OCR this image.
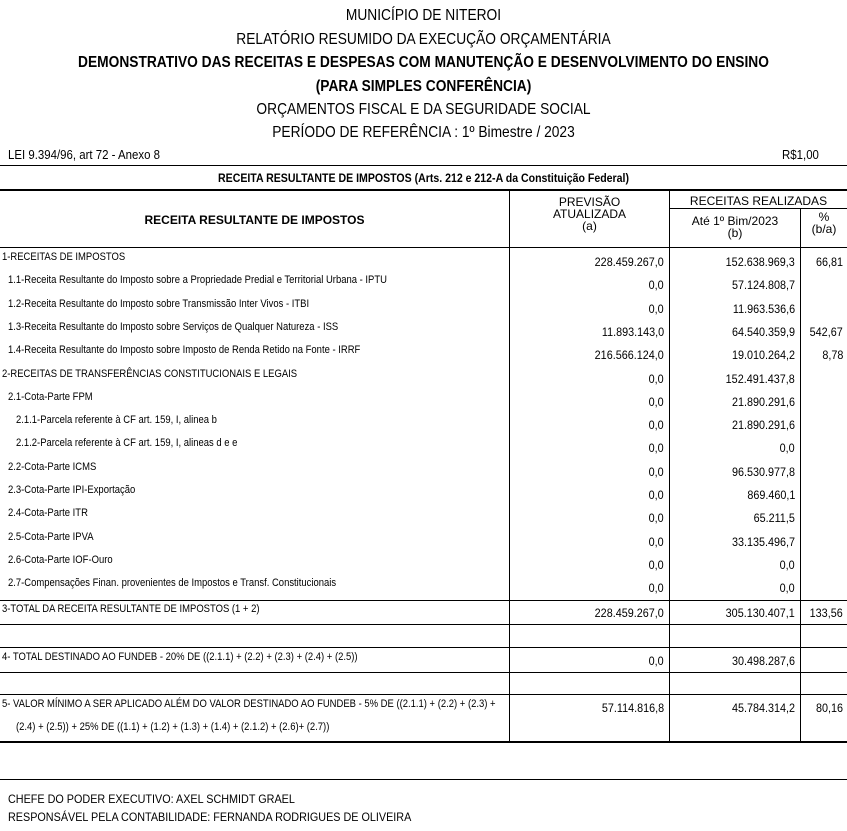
MUNICÍPIO DE NITEROI
RELATÓRIO RESUMIDO DA EXECUÇÃO ORÇAMENTÁRIA
DEMONSTRATIVO DAS RECEITAS E DESPESAS COM MANUTENÇÃO E DESENVOLVIMENTO DO ENSINO
(PARA SIMPLES CONFERÊNCIA)
ORÇAMENTOS FISCAL E DA SEGURIDADE SOCIAL
PERÍODO DE REFERÊNCIA : 1º Bimestre / 2023
LEI 9.394/96, art 72 - Anexo 8	R$1,00
RECEITA RESULTANTE DE IMPOSTOS (Arts. 212 e 212-A da Constituição Federal)
RECEITA RESULTANTE DE IMPOSTOS
PREVISÃO
ATUALIZADA
(a)
RECEITAS REALIZADAS
Até 1º Bim/2023
(b)
%
(b/a)
1-RECEITAS DE IMPOSTOS	228.459.267,0	152.638.969,3 66,81
1.1-Receita Resultante do Imposto sobre a Propriedade Predial e Territorial Urbana - IPTU	0,0	57.124.808,7
1.2-Receita Resultante do Imposto sobre Transmissão Inter Vivos - ITBI	0,0	11.963.536,6
1.3-Receita Resultante do Imposto sobre Serviços de Qualquer Natureza - ISS	11.893.143,0	64.540.359,9 542,67
1.4-Receita Resultante do Imposto sobre Imposto de Renda Retido na Fonte - IRRF	216.566.124,0	19.010.264,2 8,78
2-RECEITAS DE TRANSFERÊNCIAS CONSTITUCIONAIS E LEGAIS	0,0	152.491.437,8
2.1-Cota-Parte FPM	0,0	21.890.291,6
2.1.1-Parcela referente à CF art. 159, I, alinea b	0,0	21.890.291,6
2.1.2-Parcela referente à CF art. 159, I, alineas d e e	0,0	0,0
2.2-Cota-Parte ICMS	0,0	96.530.977,8
2.3-Cota-Parte IPI-Exportação	0,0	869.460,1
2.4-Cota-Parte ITR	0,0	65.211,5
2.5-Cota-Parte IPVA	0,0	33.135.496,7
2.6-Cota-Parte IOF-Ouro	0,0	0,0
2.7-Compensações Finan. provenientes de Impostos e Transf. Constitucionais	0,0	0,0
3-TOTAL DA RECEITA RESULTANTE DE IMPOSTOS (1 + 2)	228.459.267,0	305.130.407,1 133,56
4- TOTAL DESTINADO AO FUNDEB - 20% DE ((2.1.1) + (2.2) + (2.3) + (2.4) + (2.5))	0,0	30.498.287,6
5- VALOR MÍNIMO A SER APLICADO ALÉM DO VALOR DESTINADO AO FUNDEB - 5% DE ((2.1.1) + (2.2) + (2.3) +
(2.4) + (2.5)) + 25% DE ((1.1) + (1.2) + (1.3) + (1.4) + (2.1.2) + (2.6)+ (2.7))
57.114.816,8	45.784.314,2 80,16
CHEFE DO PODER EXECUTIVO: AXEL SCHMIDT GRAEL
RESPONSÁVEL PELA CONTABILIDADE: FERNANDA RODRIGUES DE OLIVEIRA
